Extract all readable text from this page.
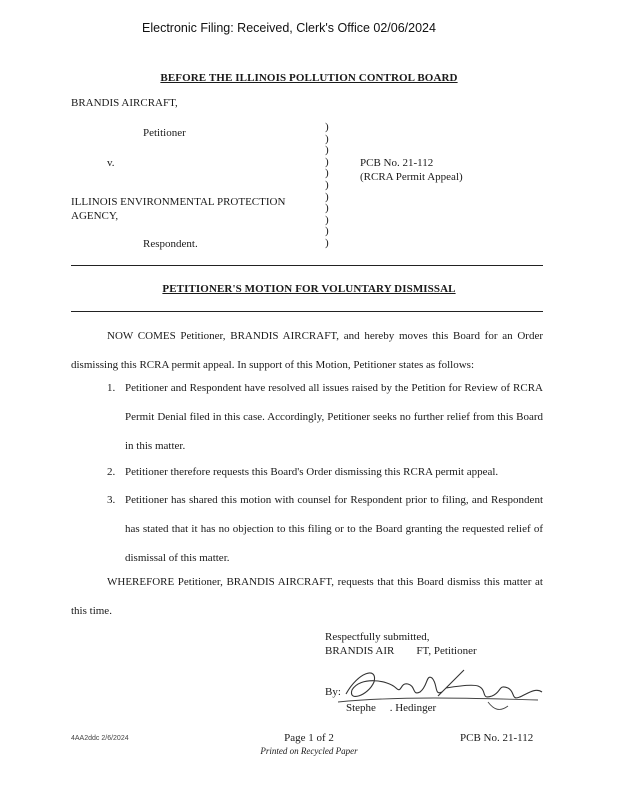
Electronic Filing: Received, Clerk's Office 02/06/2024
BEFORE THE ILLINOIS POLLUTION CONTROL BOARD
BRANDIS AIRCRAFT,
Petitioner
v.
ILLINOIS ENVIRONMENTAL PROTECTION
AGENCY,
Respondent.
)
)
)
)
)
)
)
)
)
)
)
PCB No. 21-112
(RCRA Permit Appeal)
PETITIONER'S MOTION FOR VOLUNTARY DISMISSAL
NOW COMES Petitioner, BRANDIS AIRCRAFT, and hereby moves this Board for an Order dismissing this RCRA permit appeal. In support of this Motion, Petitioner states as follows:
1. Petitioner and Respondent have resolved all issues raised by the Petition for Review of RCRA Permit Denial filed in this case. Accordingly, Petitioner seeks no further relief from this Board in this matter.
2. Petitioner therefore requests this Board's Order dismissing this RCRA permit appeal.
3. Petitioner has shared this motion with counsel for Respondent prior to filing, and Respondent has stated that it has no objection to this filing or to the Board granting the requested relief of dismissal of this matter.
WHEREFORE Petitioner, BRANDIS AIRCRAFT, requests that this Board dismiss this matter at this time.
Respectfully submitted,
BRANDIS AIR        FT, Petitioner
By:
Stephe     . Hedinger
4AA2ddc 2/6/2024	Page 1 of 2
Printed on Recycled Paper
PCB No. 21-112
